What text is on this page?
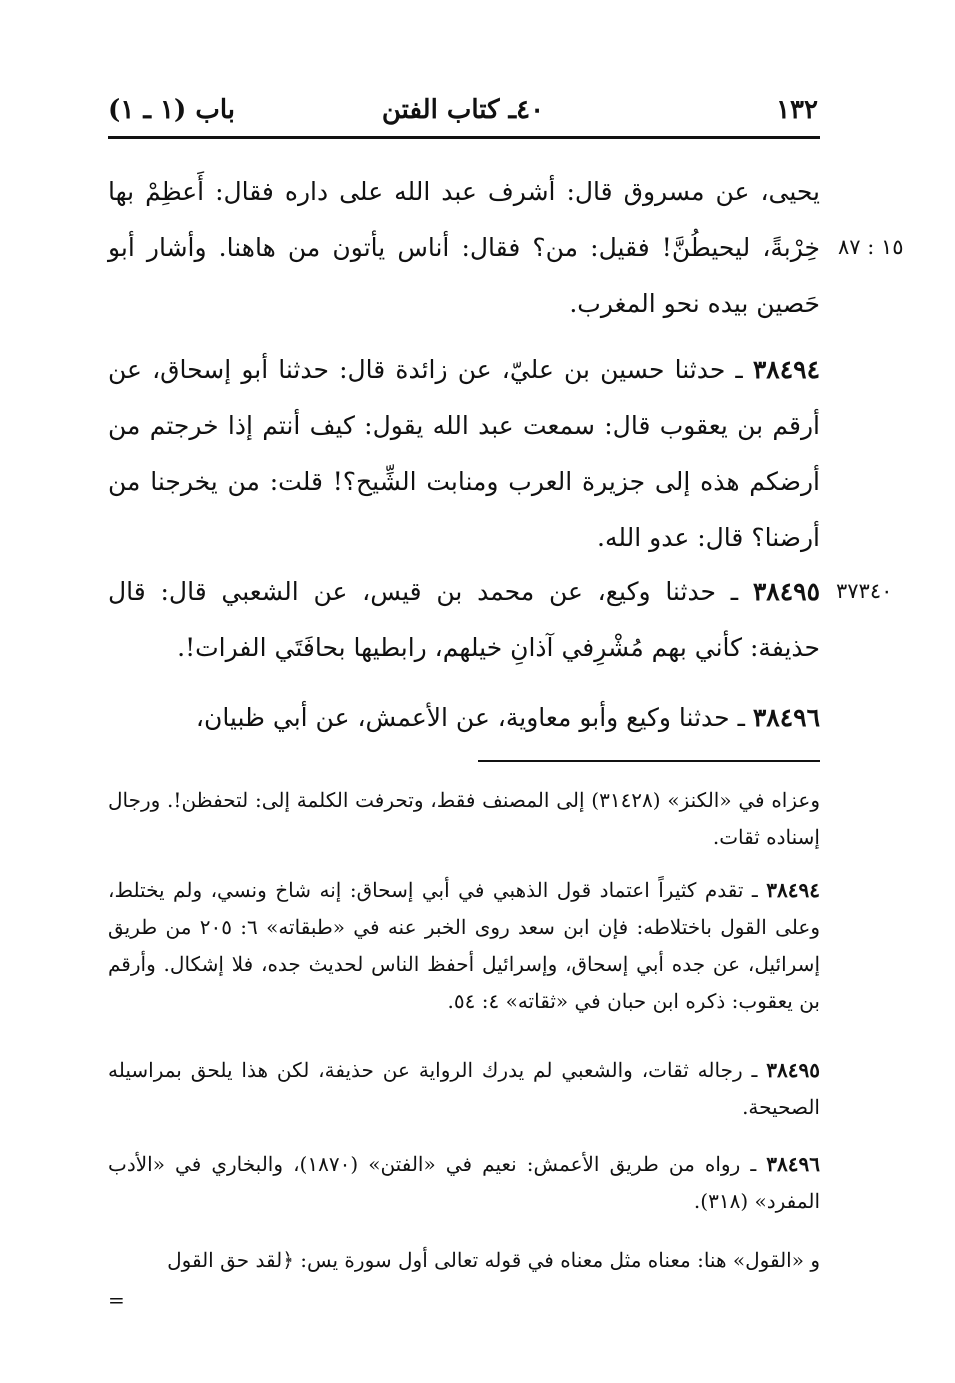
١٣٢
٤٠ـ كتاب الفتن
باب (١ ـ ١)
١٥ : ٨٧
٣٧٣٤٠

يحيى، عن مسروق قال: أشرف عبد الله على داره فقال: أَعظِمْ بها خِرْبةً، ليحيطُنَّ! فقيل: من؟ فقال: أناس يأتون من هاهنا. وأشار أبو حَصين بيده نحو المغرب.

٣٨٤٩٤ ـ حدثنا حسين بن عليّ، عن زائدة قال: حدثنا أبو إسحاق، عن أرقم بن يعقوب قال: سمعت عبد الله يقول: كيف أنتم إذا خرجتم من أرضكم هذه إلى جزيرة العرب ومنابت الشِّيح؟! قلت: من يخرجنا من أرضنا؟ قال: عدو الله.

٣٨٤٩٥ ـ حدثنا وكيع، عن محمد بن قيس، عن الشعبي قال: قال حذيفة: كأني بهم مُشْرِفي آذانِ خيلهم، رابطيها بحافَتَي الفرات!.

٣٨٤٩٦ ـ حدثنا وكيع وأبو معاوية، عن الأعمش، عن أبي ظبيان،

وعزاه في «الكنز» (٣١٤٢٨) إلى المصنف فقط، وتحرفت الكلمة إلى: لتحفظن!. ورجال إسناده ثقات.

٣٨٤٩٤ ـ تقدم كثيراً اعتماد قول الذهبي في أبي إسحاق: إنه شاخ ونسي، ولم يختلط، وعلى القول باختلاطه: فإن ابن سعد روى الخبر عنه في «طبقاته» ٦: ٢٠٥ من طريق إسرائيل، عن جده أبي إسحاق، وإسرائيل أحفظ الناس لحديث جده، فلا إشكال. وأرقم بن يعقوب: ذكره ابن حبان في «ثقاته» ٤: ٥٤.

٣٨٤٩٥ ـ رجاله ثقات، والشعبي لم يدرك الرواية عن حذيفة، لكن هذا يلحق بمراسيله الصحيحة.

٣٨٤٩٦ ـ رواه من طريق الأعمش: نعيم في «الفتن» (١٨٧٠)، والبخاري في «الأدب المفرد» (٣١٨).

و «القول» هنا: معناه مثل معناه في قوله تعالى أول سورة يس: ﴿لقد حق القول

=
